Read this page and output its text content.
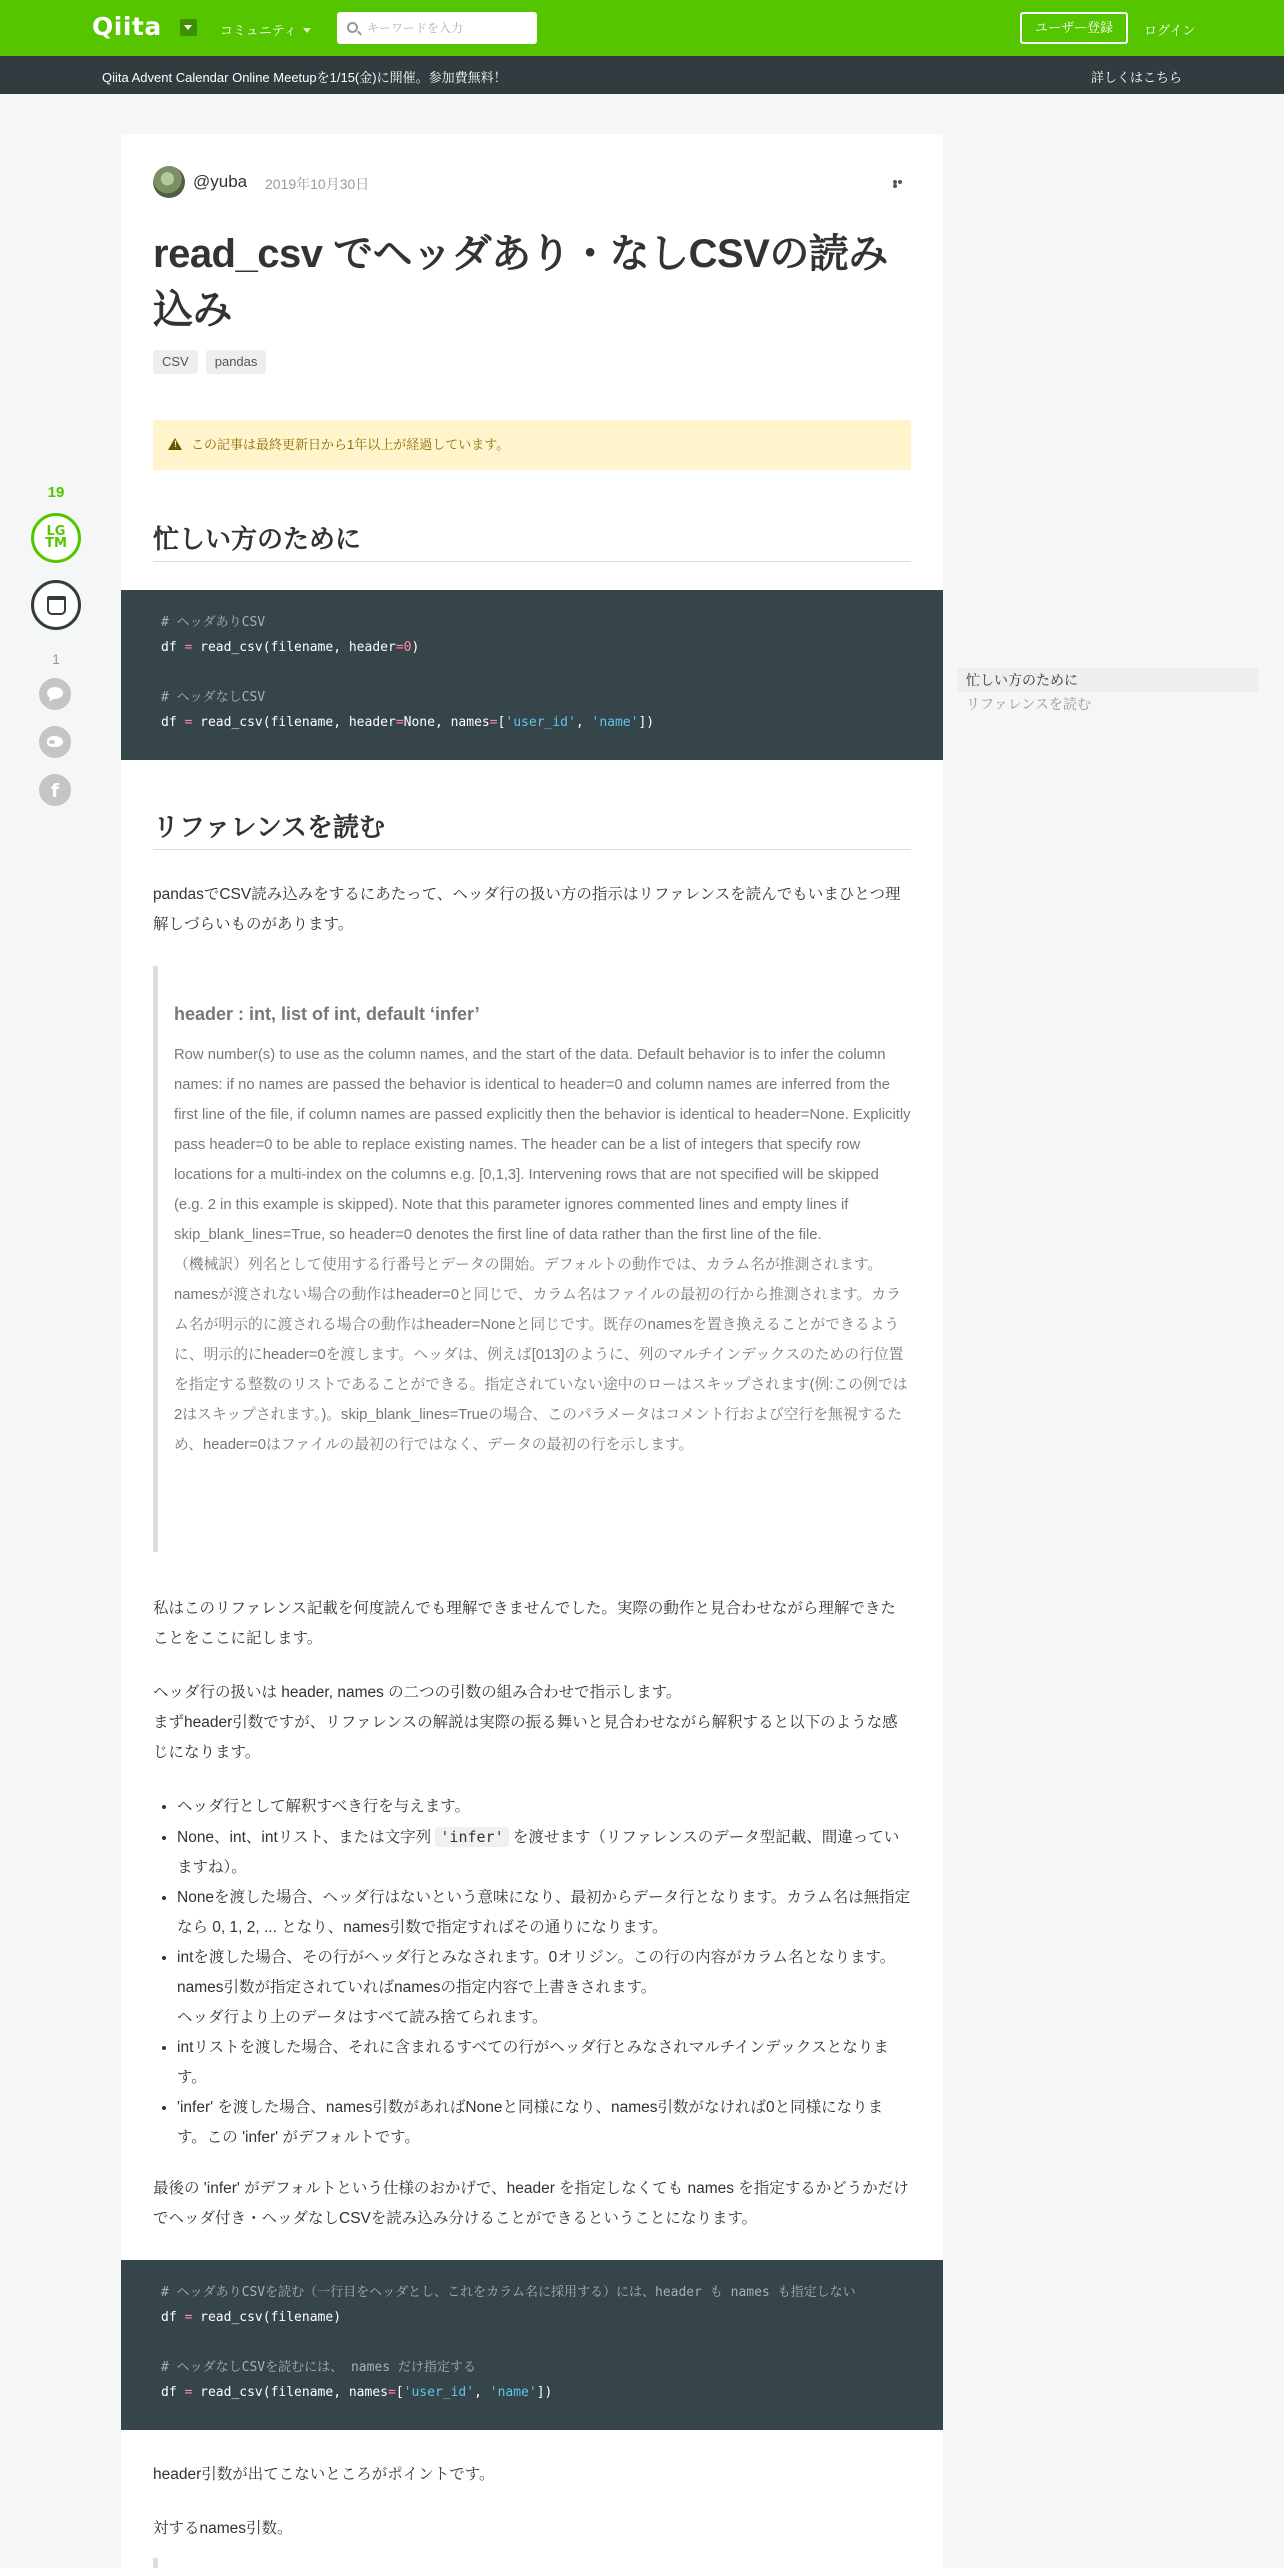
Qiita	コミュニティ
キーワードを入力	ユーザー登録	ログイン
Qiita Advent Calendar Online Meetupを1/15(金)に開催。参加費無料！	詳しくはこちら
19
LG
TM
1
f
@yuba 2019年10月30日
read_csv でヘッダあり・なしCSVの読み込み
CSV pandas
!
この記事は最終更新日から1年以上が経過しています。
忙しい方のために
# ヘッダありCSV
df = read_csv(filename, header=0)

# ヘッダなしCSV
df = read_csv(filename, header=None, names=['user_id', 'name'])
リファレンスを読む
pandasでCSV読み込みをするにあたって、ヘッダ行の扱い方の指示はリファレンスを読んでもいまひとつ理解しづらいものがあります。
header : int, list of int, default ‘infer’
Row number(s) to use as the column names, and the start of the data. Default behavior is to infer the column names: if no names are passed the behavior is identical to header=0 and column names are inferred from the first line of the file, if column names are passed explicitly then the behavior is identical to header=None. Explicitly pass header=0 to be able to replace existing names. The header can be a list of integers that specify row locations for a multi-index on the columns e.g. [0,1,3]. Intervening rows that are not specified will be skipped (e.g. 2 in this example is skipped). Note that this parameter ignores commented lines and empty lines if skip_blank_lines=True, so header=0 denotes the first line of data rather than the first line of the file.
（機械訳）列名として使用する行番号とデータの開始。デフォルトの動作では、カラム名が推測されます。namesが渡されない場合の動作はheader=0と同じで、カラム名はファイルの最初の行から推測されます。カラム名が明示的に渡される場合の動作はheader=Noneと同じです。既存のnamesを置き換えることができるように、明示的にheader=0を渡します。ヘッダは、例えば[013]のように、列のマルチインデックスのための行位置を指定する整数のリストであることができる。指定されていない途中のローはスキップされます(例:この例では2はスキップされます。)。skip_blank_lines=Trueの場合、このパラメータはコメント行および空行を無視するため、header=0はファイルの最初の行ではなく、データの最初の行を示します。
私はこのリファレンス記載を何度読んでも理解できませんでした。実際の動作と見合わせながら理解できたことをここに記します。
ヘッダ行の扱いは header, names の二つの引数の組み合わせで指示します。
まずheader引数ですが、リファレンスの解説は実際の振る舞いと見合わせながら解釈すると以下のような感じになります。
• ヘッダ行として解釈すべき行を与えます。
• None、int、intリスト、または文字列 'infer' を渡せます（リファレンスのデータ型記載、間違っていますね）。
• Noneを渡した場合、ヘッダ行はないという意味になり、最初からデータ行となります。カラム名は無指定なら 0, 1, 2, ... となり、names引数で指定すればその通りになります。
• intを渡した場合、その行がヘッダ行とみなされます。0オリジン。この行の内容がカラム名となります。names引数が指定されていればnamesの指定内容で上書きされます。
ヘッダ行より上のデータはすべて読み捨てられます。
• intリストを渡した場合、それに含まれるすべての行がヘッダ行とみなされマルチインデックスとなります。
• 'infer' を渡した場合、names引数があればNoneと同様になり、names引数がなければ0と同様になります。この 'infer' がデフォルトです。
最後の 'infer' がデフォルトという仕様のおかげで、header を指定しなくても names を指定するかどうかだけでヘッダ付き・ヘッダなしCSVを読み込み分けることができるということになります。
# ヘッダありCSVを読む（一行目をヘッダとし、これをカラム名に採用する）には、header も names も指定しない
df = read_csv(filename)

# ヘッダなしCSVを読むには、 names だけ指定する
df = read_csv(filename, names=['user_id', 'name'])
header引数が出てこないところがポイントです。
対するnames引数。
忙しい方のために
リファレンスを読む
